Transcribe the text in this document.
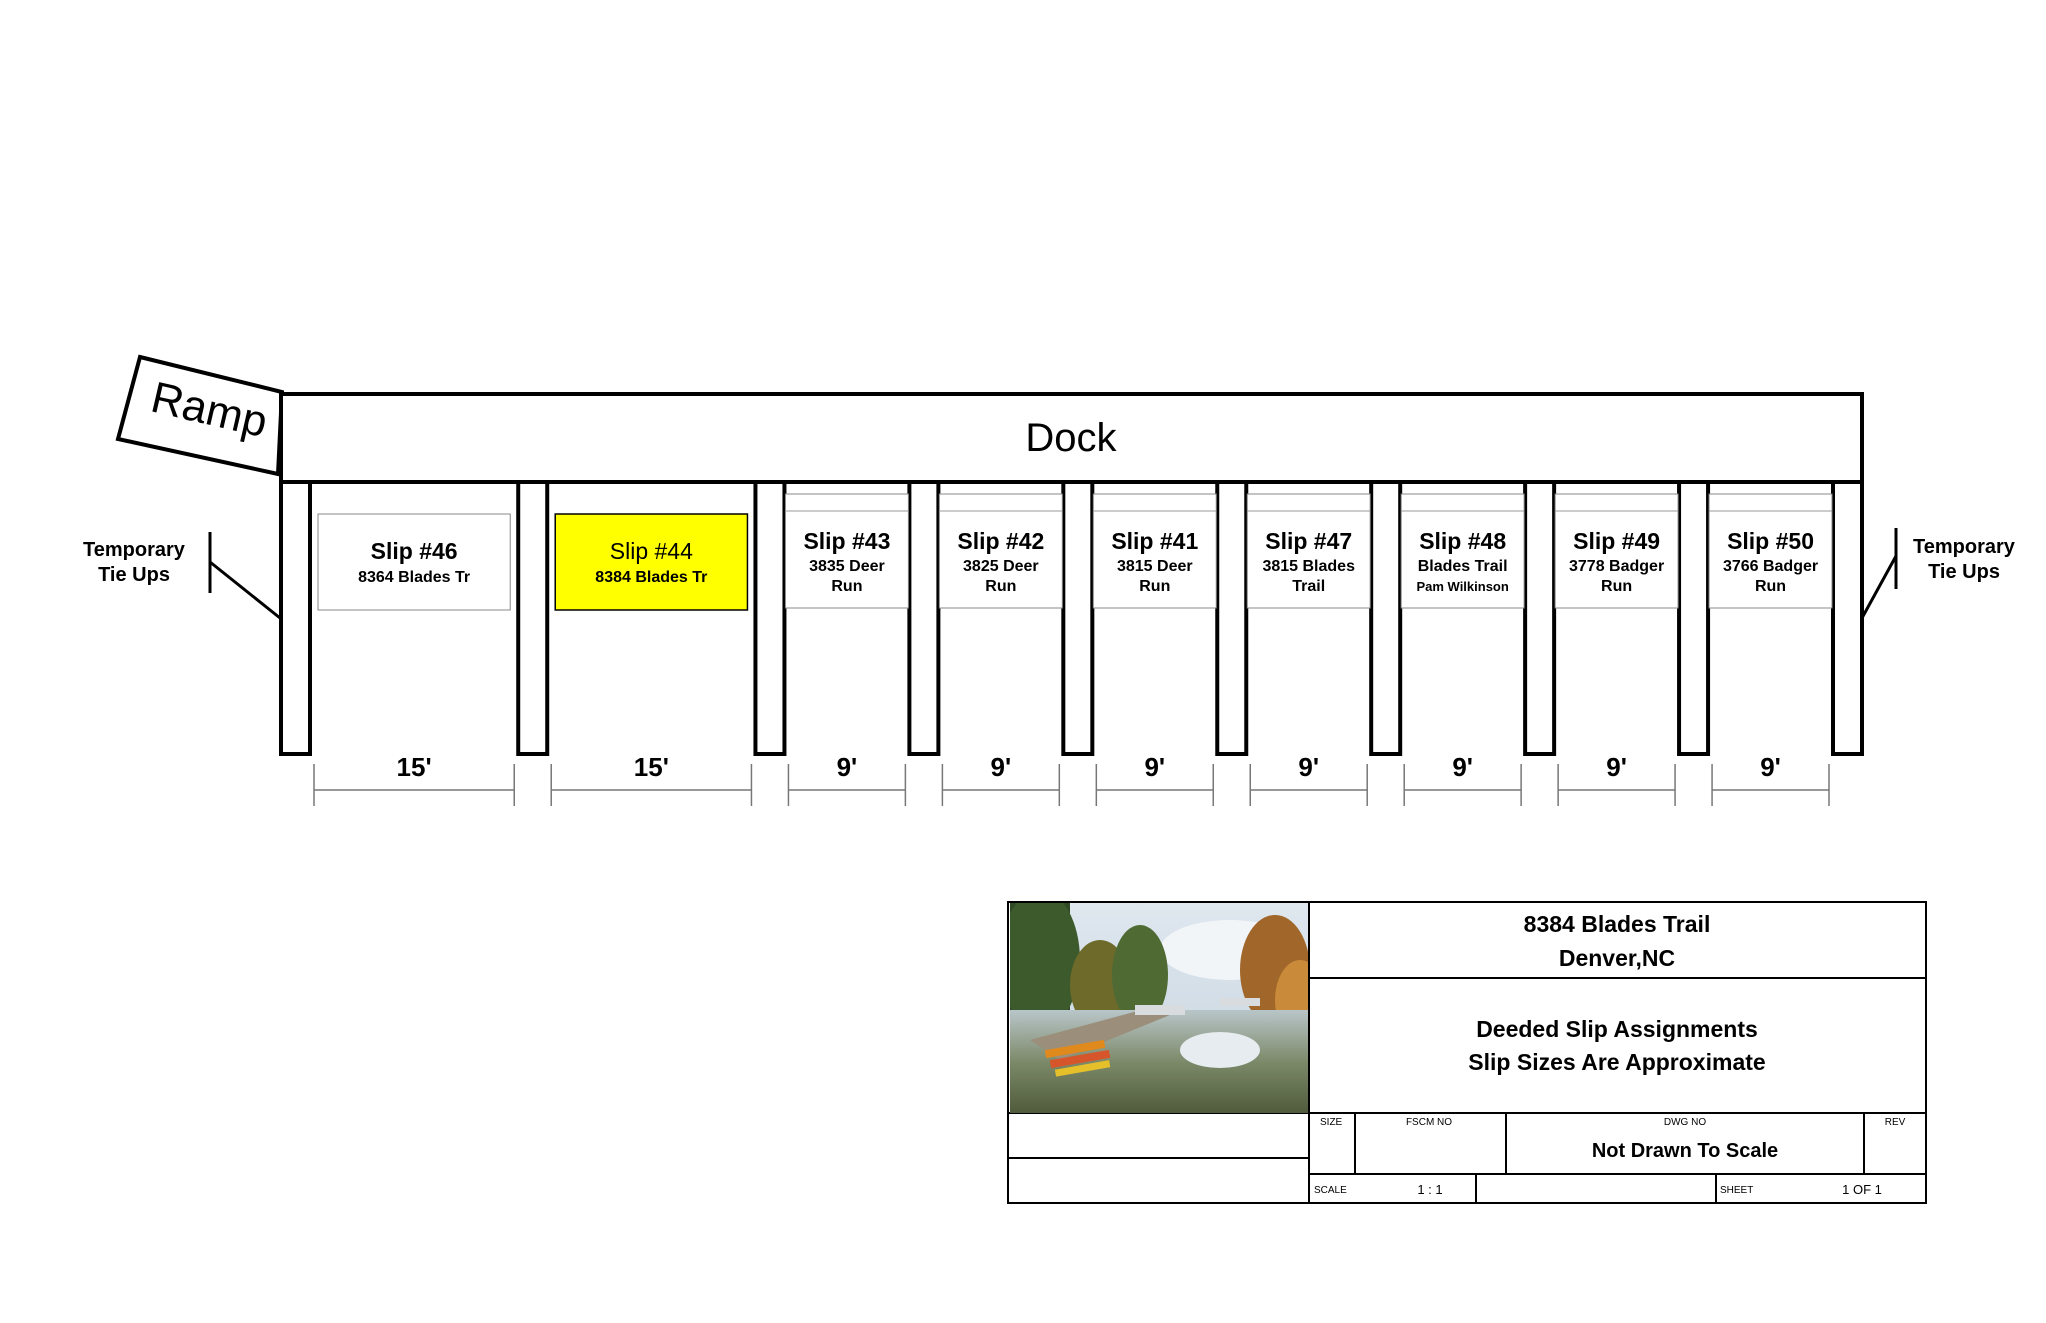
Ramp	Dock
Temporary
Tie Ups
Temporary
Tie Ups
Slip #46
8364 Blades Tr
Slip #44
8384 Blades Tr
Slip #43
3835 Deer
Run
Slip #42
3825 Deer
Run
Slip #41
3815 Deer
Run
Slip #47
3815 Blades
Trail
Slip #48
Blades Trail
Pam Wilkinson
Slip #49
3778 Badger
Run
Slip #50
3766 Badger
Run
15'	15'	9'	9'	9'	9'	9'	9'	9'
8384 Blades Trail
Denver,NC
Deeded Slip Assignments
Slip Sizes Are Approximate
SIZE	FSCM NO	DWG NO
Not Drawn To Scale
REV
SCALE	1 : 1	SHEET	1 OF 1
